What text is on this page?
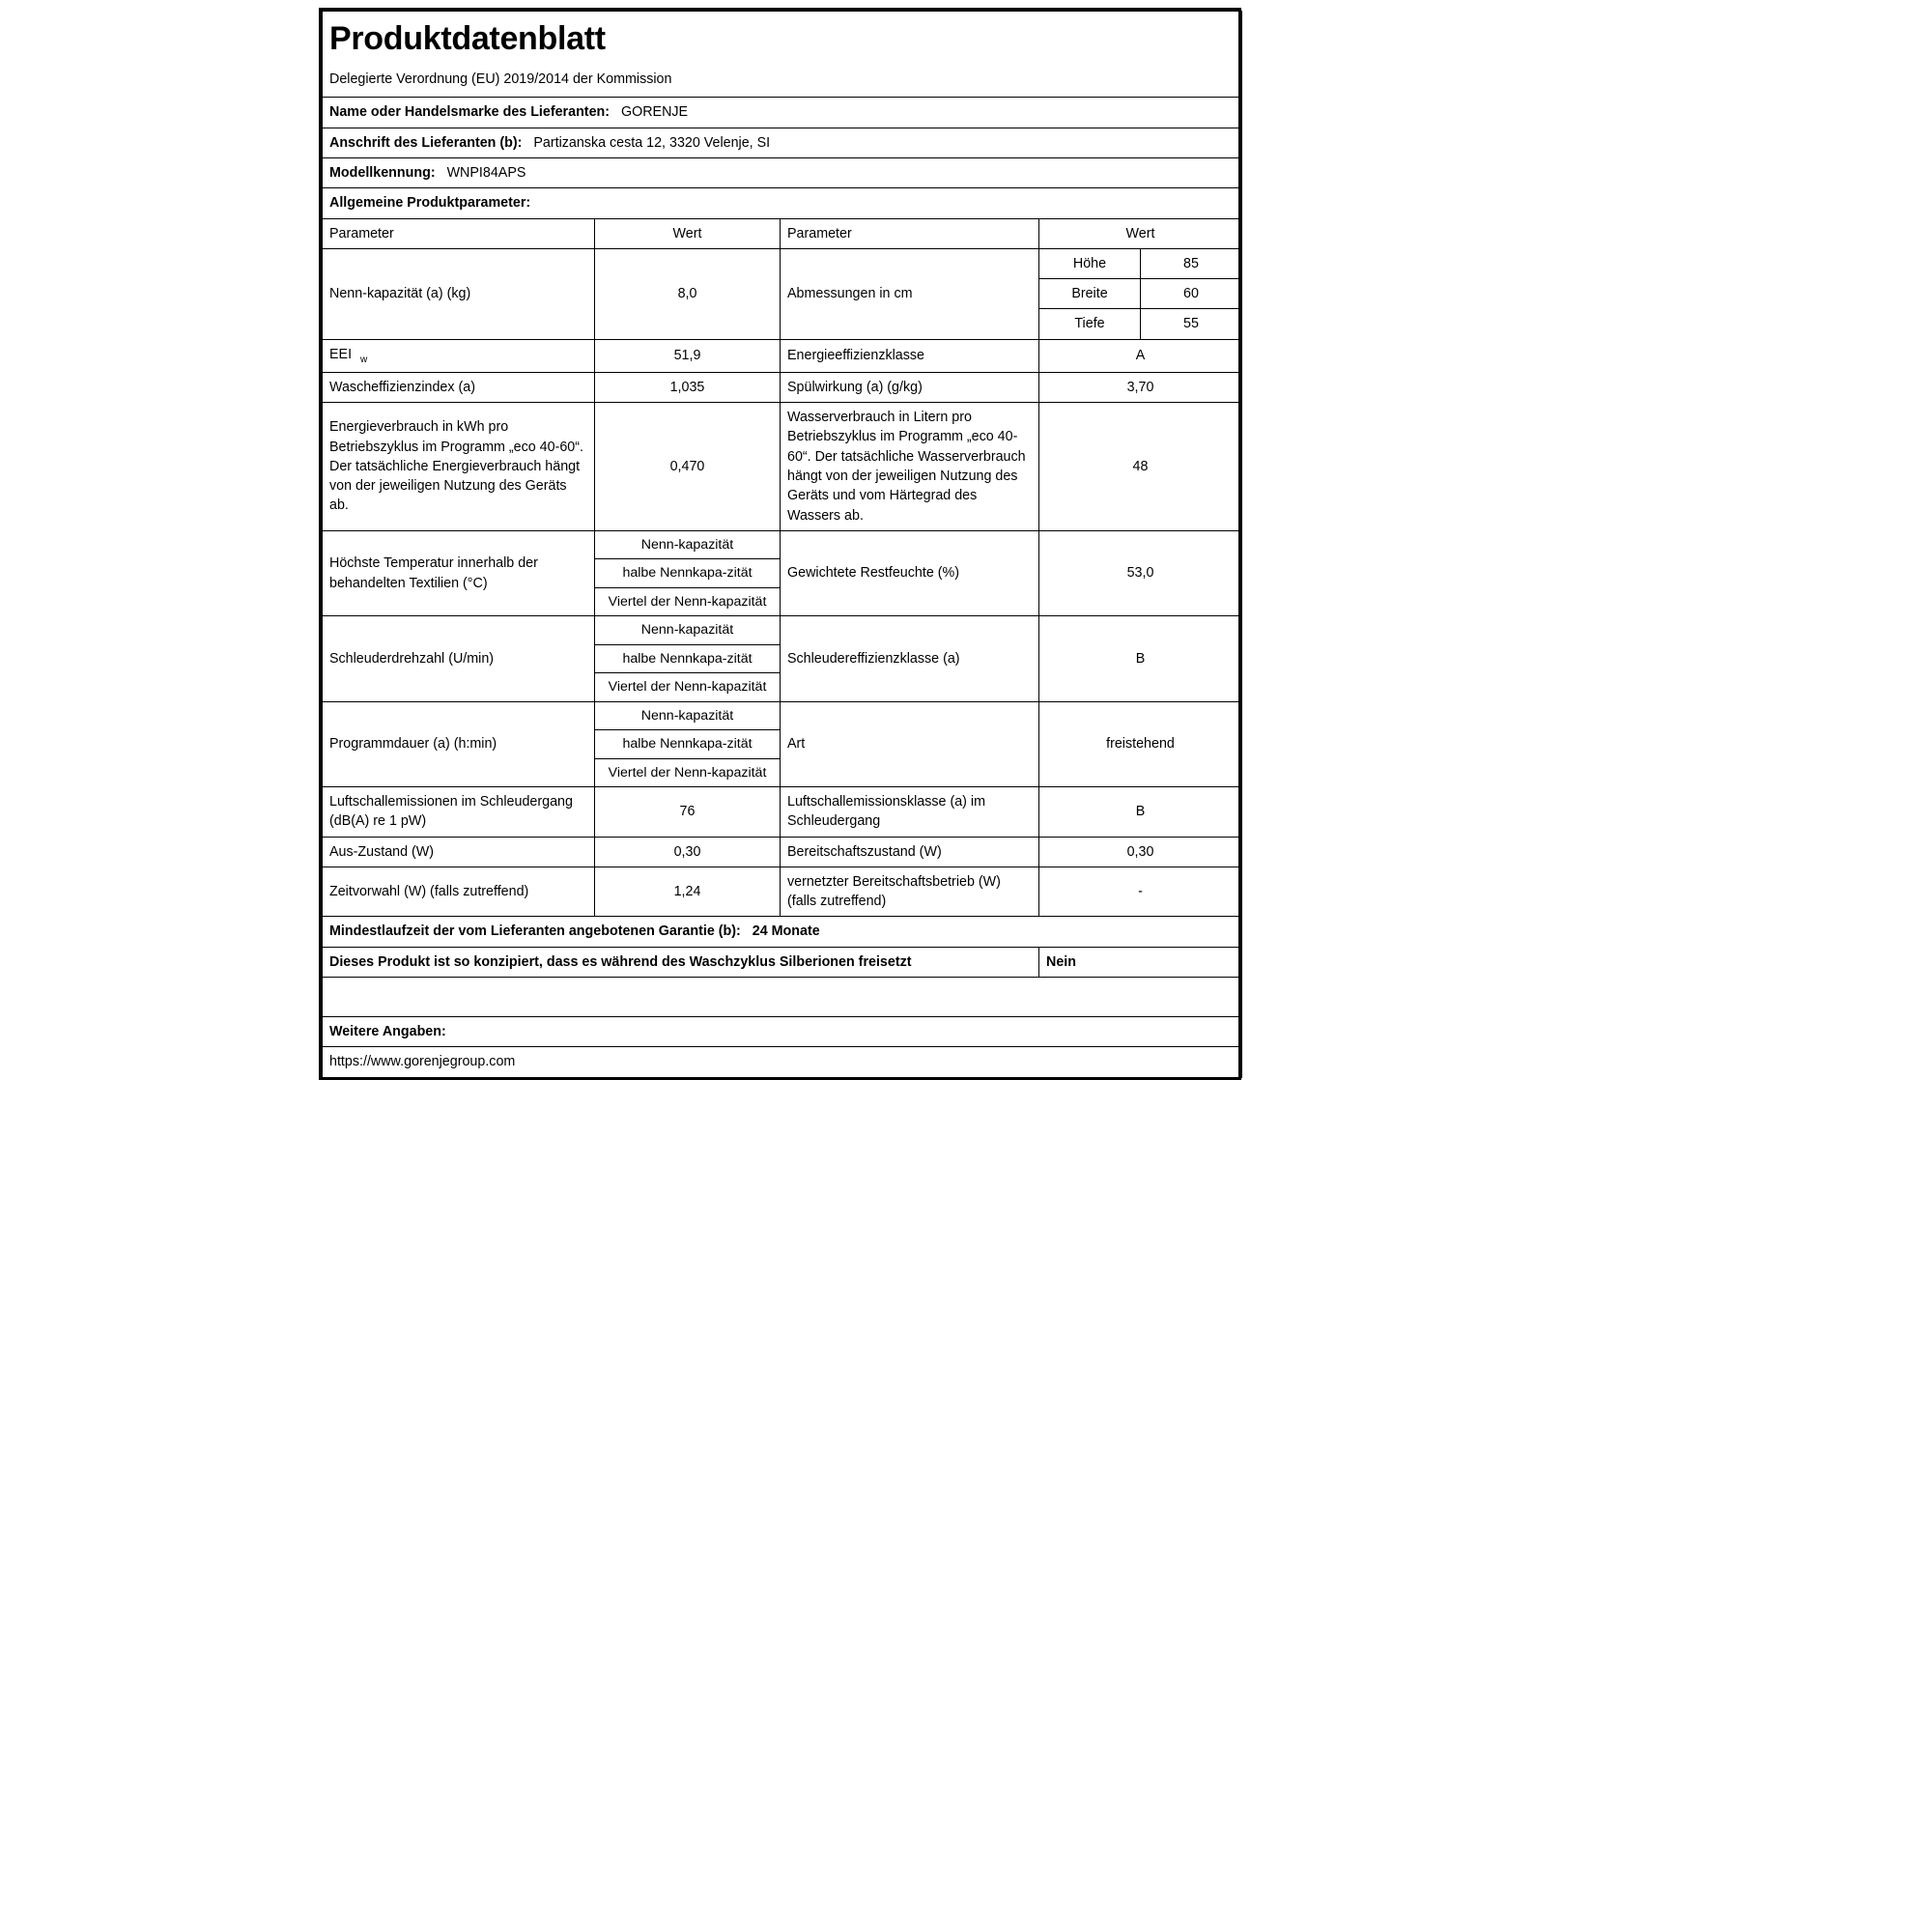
Produktdatenblatt
Delegierte Verordnung (EU) 2019/2014 der Kommission				

Name oder Handelsmarke des Lieferanten: GORENJE				
Anschrift des Lieferanten (b): Partizanska cesta 12, 3320 Velenje, SI				
Modellkennung: WNPI84APS				
Allgemeine Produktparameter:				
Parameter	Wert	Parameter	Wert	
Nenn-kapazität (a) (kg)	8,0	Abmessungen in cm	Höhe	85
			Breite	60
			Tiefe	55
EEI $_w$	51,9	Energieeffizienzklasse	A	
Wascheffizienzindex (a)	1,035	Spülwirkung (a) (g/kg)	3,70	
Energieverbrauch in kWh pro Betriebszyklus im Programm „eco 40-60“. Der tatsächliche Energieverbrauch hängt von der jeweiligen Nutzung des Geräts ab.	0,470	Wasserverbrauch in Litern pro Betriebszyklus im Programm „eco 40-60“. Der tatsächliche Wasserverbrauch hängt von der jeweiligen Nutzung des Geräts und vom Härtegrad des Wassers ab.	48	
Höchste Temperatur innerhalb der behandelten Textilien (°C)	Nenn-kapazität	Gewichtete Restfeuchte (%)	53,0	
	halbe Nennkapa-zität			
	Viertel der Nenn-kapazität			
Schleuderdrehzahl (U/min)	Nenn-kapazität	Schleudereffizienzklasse (a)	B	
	halbe Nennkapa-zität			
	Viertel der Nenn-kapazität			
Programmdauer (a) (h:min)	Nenn-kapazität	Art	freistehend	
	halbe Nennkapa-zität			
	Viertel der Nenn-kapazität			
Luftschallemissionen im Schleudergang (dB(A) re 1 pW)	76	Luftschallemissionsklasse (a) im Schleudergang	B	
Aus-Zustand (W)	0,30	Bereitschaftszustand (W)	0,30	
Zeitvorwahl (W) (falls zutreffend)	1,24	vernetzter Bereitschaftsbetrieb (W) (falls zutreffend)	-	
Mindestlaufzeit der vom Lieferanten angebotenen Garantie (b): 24 Monate				
Dieses Produkt ist so konzipiert, dass es während des Waschzyklus Silberionen freisetzt			Nein	

Weitere Angaben:				
https://www.gorenjegroup.com				
